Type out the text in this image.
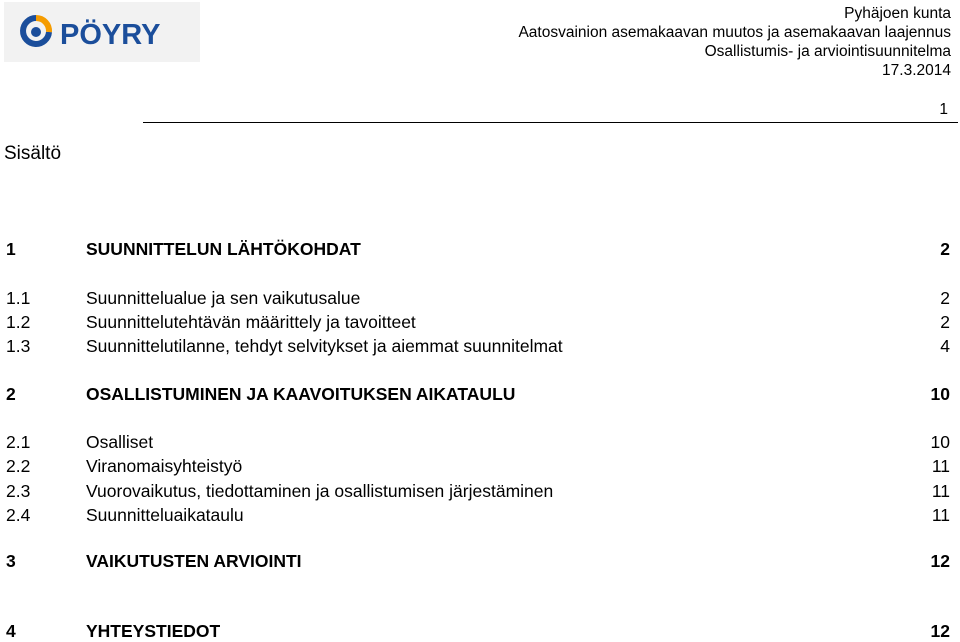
PÖYRY
Pyhäjoen kunta
Aatosvainion asemakaavan muutos ja asemakaavan laajennus
Osallistumis- ja arviointisuunnitelma
17.3.2014
1
Sisältö
1	SUUNNITTELUN LÄHTÖKOHDAT	2
1.1	Suunnittelualue ja sen vaikutusalue	2
1.2	Suunnittelutehtävän määrittely ja tavoitteet	2
1.3	Suunnittelutilanne, tehdyt selvitykset ja aiemmat suunnitelmat	4
2	OSALLISTUMINEN JA KAAVOITUKSEN AIKATAULU	10
2.1	Osalliset	10
2.2	Viranomaisyhteistyö	11
2.3	Vuorovaikutus, tiedottaminen ja osallistumisen järjestäminen	11
2.4	Suunnitteluaikataulu	11
3	VAIKUTUSTEN ARVIOINTI	12
4	YHTEYSTIEDOT	12
